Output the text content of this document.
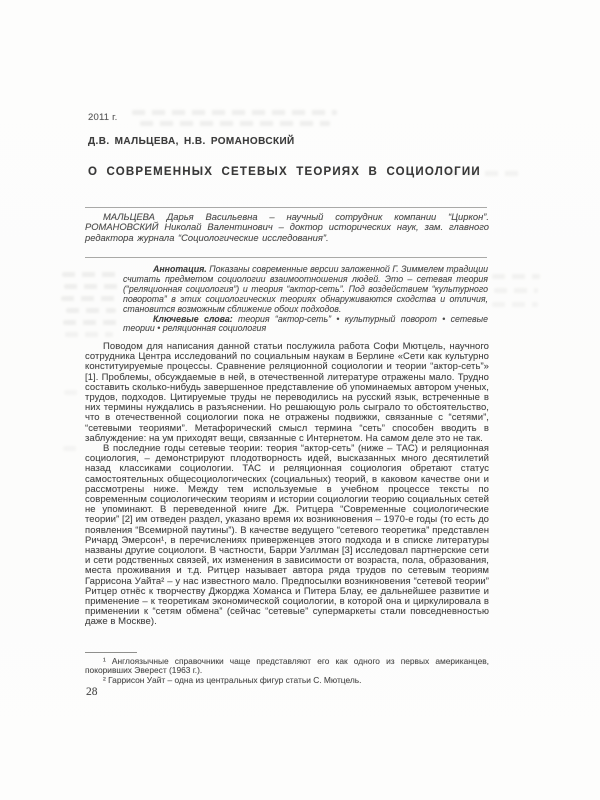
2011 г.
Д.В. МАЛЬЦЕВА, Н.В. РОМАНОВСКИЙ
О СОВРЕМЕННЫХ СЕТЕВЫХ ТЕОРИЯХ В СОЦИОЛОГИИ

МАЛЬЦЕВА Дарья Васильевна – научный сотрудник компании “Циркон”. РОМАНОВСКИЙ Николай Валентинович – доктор исторических наук, зам. главного редактора журнала “Социологические исследования”.

Аннотация. Показаны современные версии заложенной Г. Зиммелем традиции считать предметом социологии взаимоотношения людей. Это – сетевая теория (“реляционная социология”) и теория “актор-сеть”. Под воздействием “культурного поворота” в этих социологических теориях обнаруживаются сходства и отличия, становится возможным сближение обоих подходов.

Ключевые слова: теория “актор-сеть” • культурный поворот • сетевые теории • реляционная социология

Поводом для написания данной статьи послужила работа Софи Мютцель, научного сотрудника Центра исследований по социальным наукам в Берлине «Сети как культурно конституируемые процессы. Сравнение реляционной социологии и теории “актор-сеть”» [1]. Проблемы, обсуждаемые в ней, в отечественной литературе отражены мало. Трудно составить сколько-нибудь завершенное представление об упоминаемых автором ученых, трудов, подходов. Цитируемые труды не переводились на русский язык, встреченные в них термины нуждались в разъяснении. Но решающую роль сыграло то обстоятельство, что в отечественной социологии пока не отражены подвижки, связанные с “сетями”, “сетевыми теориями”. Метафорический смысл термина “сеть” способен вводить в заблуждение: на ум приходят вещи, связанные с Интернетом. На самом деле это не так.

В последние годы сетевые теории: теория “актор-сеть” (ниже – ТАС) и реляционная социология, – демонстрируют плодотворность идей, высказанных много десятилетий назад классиками социологии. ТАС и реляционная социология обретают статус самостоятельных общесоциологических (социальных) теорий, в каковом качестве они и рассмотрены ниже. Между тем используемые в учебном процессе тексты по современным социологическим теориям и истории социологии теорию социальных сетей не упоминают. В переведенной книге Дж. Ритцера “Современные социологические теории” [2] им отведен раздел, указано время их возникновения – 1970-е годы (то есть до появления “Всемирной паутины”). В качестве ведущего “сетевого теоретика” представлен Ричард Эмерсон¹, в перечислениях приверженцев этого подхода и в списке литературы названы другие социологи. В частности, Барри Уэллман [3] исследовал партнерские сети и сети родственных связей, их изменения в зависимости от возраста, пола, образования, места проживания и т.д. Ритцер называет автора ряда трудов по сетевым теориям Гаррисона Уайта² – у нас известного мало. Предпосылки возникновения “сетевой теории” Ритцер отнёс к творчеству Джорджа Хоманса и Питера Блау, ее дальнейшее развитие и применение – к теоретикам экономической социологии, в которой она и циркулировала в применении к “сетям обмена” (сейчас “сетевые” супермаркеты стали повседневностью даже в Москве).

¹ Англоязычные справочники чаще представляют его как одного из первых американцев, покоривших Эверест (1963 г.).

² Гаррисон Уайт – одна из центральных фигур статьи С. Мютцель.

28
